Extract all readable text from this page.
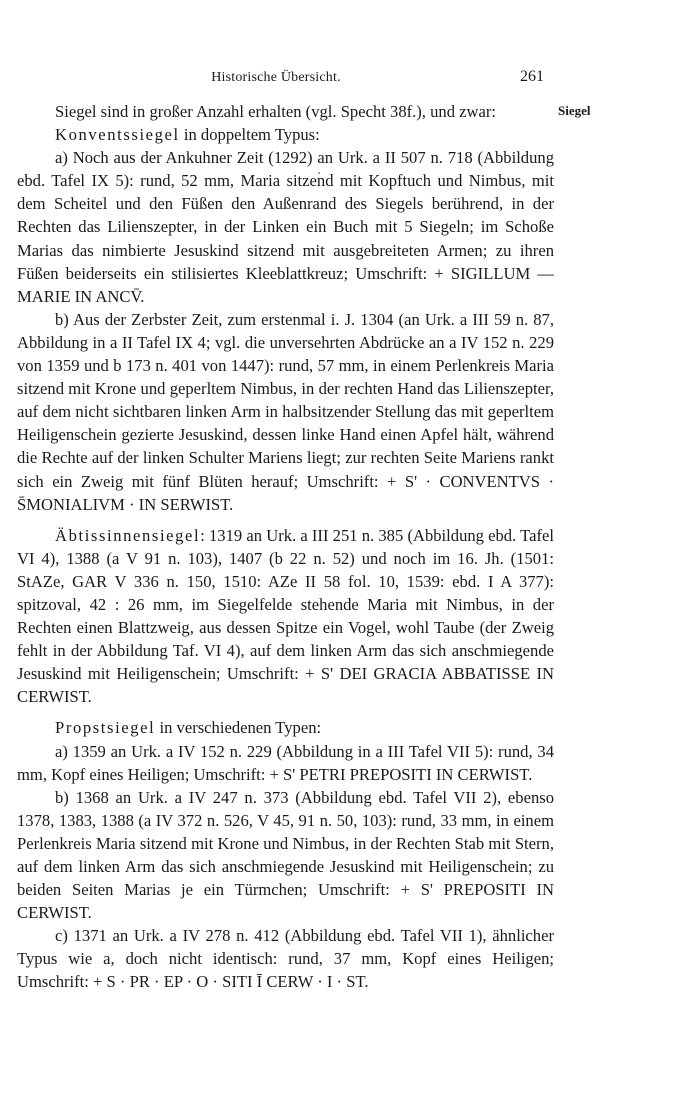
Historische Übersicht.	261
Siegel

Siegel sind in großer Anzahl erhalten (vgl. Specht 38f.), und zwar:

Konventssiegel in doppeltem Typus:

a) Noch aus der Ankuhner Zeit (1292) an Urk. a II 507 n. 718 (Abbildung ebd. Tafel IX 5): rund, 52 mm, Maria sitzend mit Kopftuch und Nimbus, mit dem Scheitel und den Füßen den Außenrand des Siegels berührend, in der Rechten das Lilienszepter, in der Linken ein Buch mit 5 Siegeln; im Schoße Marias das nimbierte Jesuskind sitzend mit ausgebreiteten Armen; zu ihren Füßen beiderseits ein stilisiertes Kleeblattkreuz; Umschrift: + SIGILLUM —MARIE IN ANCV̄.

b) Aus der Zerbster Zeit, zum erstenmal i. J. 1304 (an Urk. a III 59 n. 87, Abbildung in a II Tafel IX 4; vgl. die unversehrten Abdrücke an a IV 152 n. 229 von 1359 und b 173 n. 401 von 1447): rund, 57 mm, in einem Perlenkreis Maria sitzend mit Krone und geperltem Nimbus, in der rechten Hand das Lilienszepter, auf dem nicht sichtbaren linken Arm in halbsitzender Stellung das mit geperltem Heiligenschein gezierte Jesuskind, dessen linke Hand einen Apfel hält, während die Rechte auf der linken Schulter Mariens liegt; zur rechten Seite Mariens rankt sich ein Zweig mit fünf Blüten herauf; Umschrift: + S' · CONVENTVS · S̄MONIALIVM · IN SERWIST.

Äbtissinnensiegel: 1319 an Urk. a III 251 n. 385 (Abbildung ebd. Tafel VI 4), 1388 (a V 91 n. 103), 1407 (b 22 n. 52) und noch im 16. Jh. (1501: StAZe, GAR V 336 n. 150, 1510: AZe II 58 fol. 10, 1539: ebd. I A 377): spitzoval, 42 : 26 mm, im Siegelfelde stehende Maria mit Nimbus, in der Rechten einen Blattzweig, aus dessen Spitze ein Vogel, wohl Taube (der Zweig fehlt in der Abbildung Taf. VI 4), auf dem linken Arm das sich anschmiegende Jesuskind mit Heiligenschein; Umschrift: + S' DEI GRACIA ABBATISSE IN CERWIST.

Propstsiegel in verschiedenen Typen:

a) 1359 an Urk. a IV 152 n. 229 (Abbildung in a III Tafel VII 5): rund, 34 mm, Kopf eines Heiligen; Umschrift: + S' PETRI PREPOSITI IN CERWIST.

b) 1368 an Urk. a IV 247 n. 373 (Abbildung ebd. Tafel VII 2), ebenso 1378, 1383, 1388 (a IV 372 n. 526, V 45, 91 n. 50, 103): rund, 33 mm, in einem Perlenkreis Maria sitzend mit Krone und Nimbus, in der Rechten Stab mit Stern, auf dem linken Arm das sich anschmiegende Jesuskind mit Heiligenschein; zu beiden Seiten Marias je ein Türmchen; Umschrift: + S' PREPOSITI IN CERWIST.

c) 1371 an Urk. a IV 278 n. 412 (Abbildung ebd. Tafel VII 1), ähnlicher Typus wie a, doch nicht identisch: rund, 37 mm, Kopf eines Heiligen; Umschrift: + S · PR · EP · O · SITI Ī CERW · I · ST.
